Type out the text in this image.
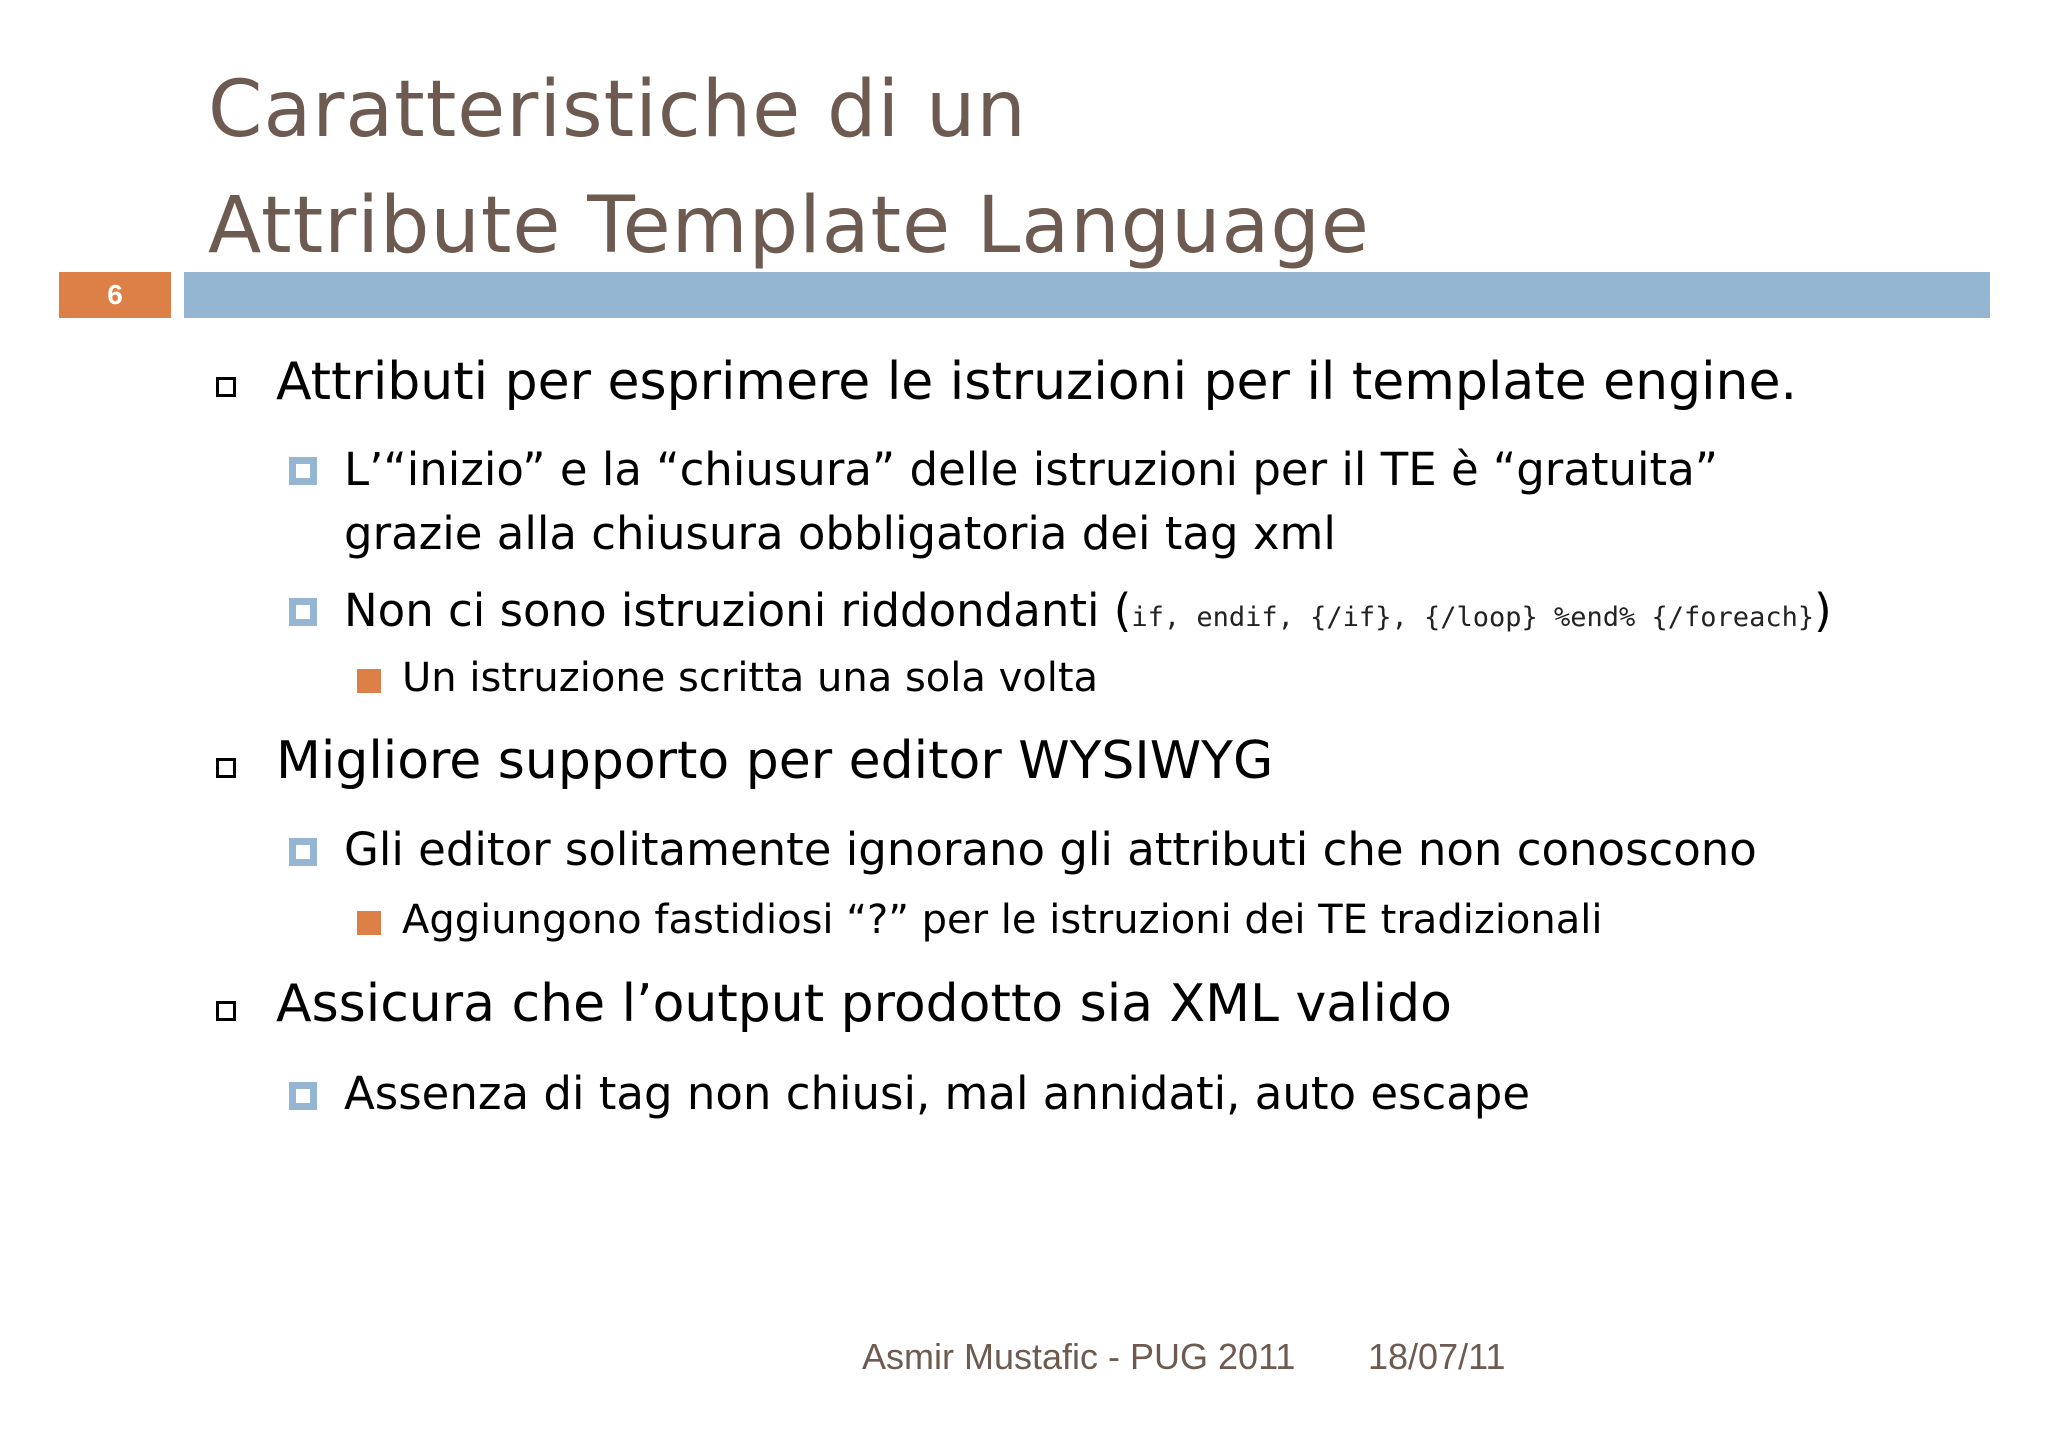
Caratteristiche di un
Attribute Template Language
6
Attributi per esprimere le istruzioni per il template engine.
L’“inizio” e la “chiusura” delle istruzioni per il TE è “gratuita”
grazie alla chiusura obbligatoria dei tag xml
Non ci sono istruzioni riddondanti (if, endif, {/if}, {/loop} %end% {/foreach})
Un istruzione scritta una sola volta
Migliore supporto per editor WYSIWYG
Gli editor solitamente ignorano gli attributi che non conoscono
Aggiungono fastidiosi “?” per le istruzioni dei TE tradizionali
Assicura che l’output prodotto sia XML valido
Assenza di tag non chiusi, mal annidati, auto escape
Asmir Mustafic - PUG 2011 18/07/11
